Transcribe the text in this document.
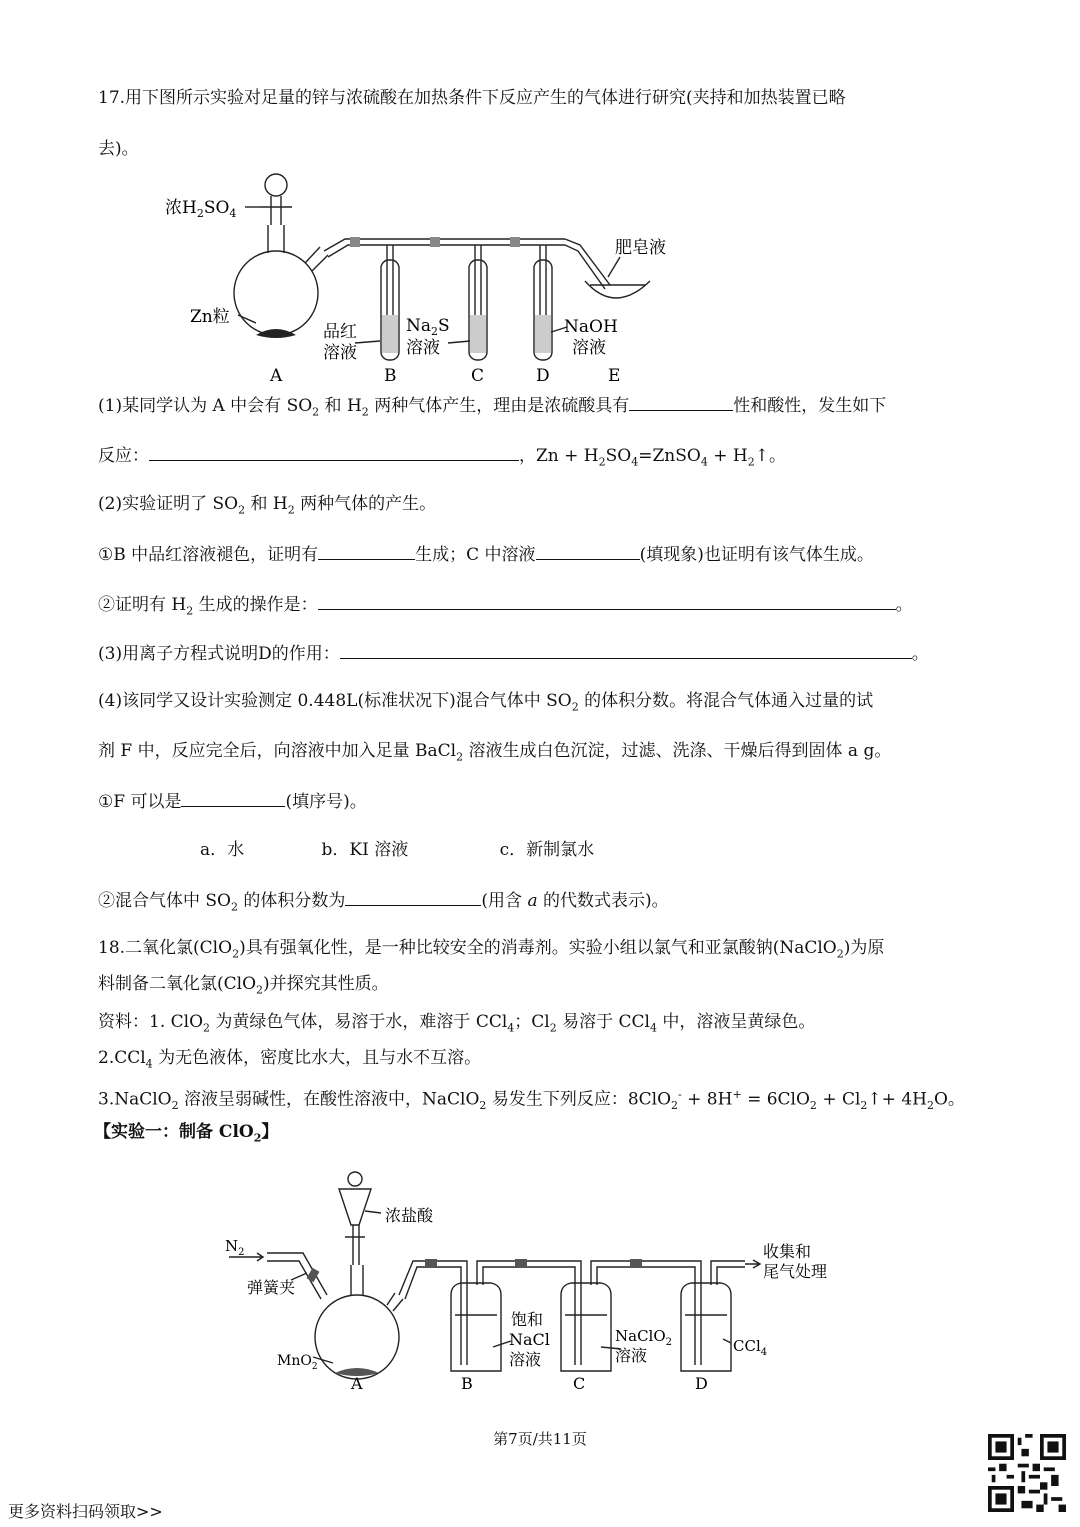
17.用下图所示实验对足量的锌与浓硫酸在加热条件下反应产生的气体进行研究(夹持和加热装置已略
去)。
浓$H_2SO_4$
Zn粒
品红
溶液
$Na_2S$
溶液
NaOH
溶液
肥皂液
A	B	C	D	E
(1)某同学认为 A 中会有 $SO_2$ 和 $H_2$ 两种气体产生，理由是浓硫酸具有	性和酸性，发生如下
反应：	，$Zn + H_2SO_4=ZnSO_4$ + $H_2↑$。
(2)实验证明了 $SO_2$ 和 $H_2$ 两种气体的产生。
①B 中品红溶液褪色，证明有	生成；C 中溶液	(填现象)也证明有该气体生成。
②证明有 $H_2$ 生成的操作是：	。
(3)用离子方程式说明D的作用：	。
(4)该同学又设计实验测定 0.448L(标准状况下)混合气体中 $SO_2$ 的体积分数。将混合气体通入过量的试
剂 F 中，反应完全后，向溶液中加入足量 BaCl$_2$ 溶液生成白色沉淀，过滤、洗涤、干燥后得到固体 a g。
①F 可以是	(填序号)。
a．水	b．KI 溶液	c．新制氯水
②混合气体中 $SO_2$ 的体积分数为	(用含 a 的代数式表示)。
18.二氧化氯(ClO$_2$)具有强氧化性，是一种比较安全的消毒剂。实验小组以氯气和亚氯酸钠(NaClO$_2$)为原
料制备二氧化氯(ClO$_2$)并探究其性质。
资料：1. ClO$_2$ 为黄绿色气体，易溶于水，难溶于 CCl$_4$；$Cl_2$ 易溶于 CCl$_4$ 中，溶液呈黄绿色。
2.CCl$_4$ 为无色液体，密度比水大，且与水不互溶。
3.NaClO$_2$ 溶液呈弱碱性，在酸性溶液中，NaClO$_2$ 易发生下列反应：$8ClO_2^- + 8H^+ = 6ClO_2 + Cl_2↑+ 4H_2O$。
【实验一：制备 ClO$_2$】
$N_2$
浓盐酸
弹簧夹
MnO$_2$
饱和
NaCl
溶液
NaClO$_2$
溶液	CCl$_4$
收集和
尾气处理
A	B	C	D
第7页/共11页
更多资料扫码领取>>
